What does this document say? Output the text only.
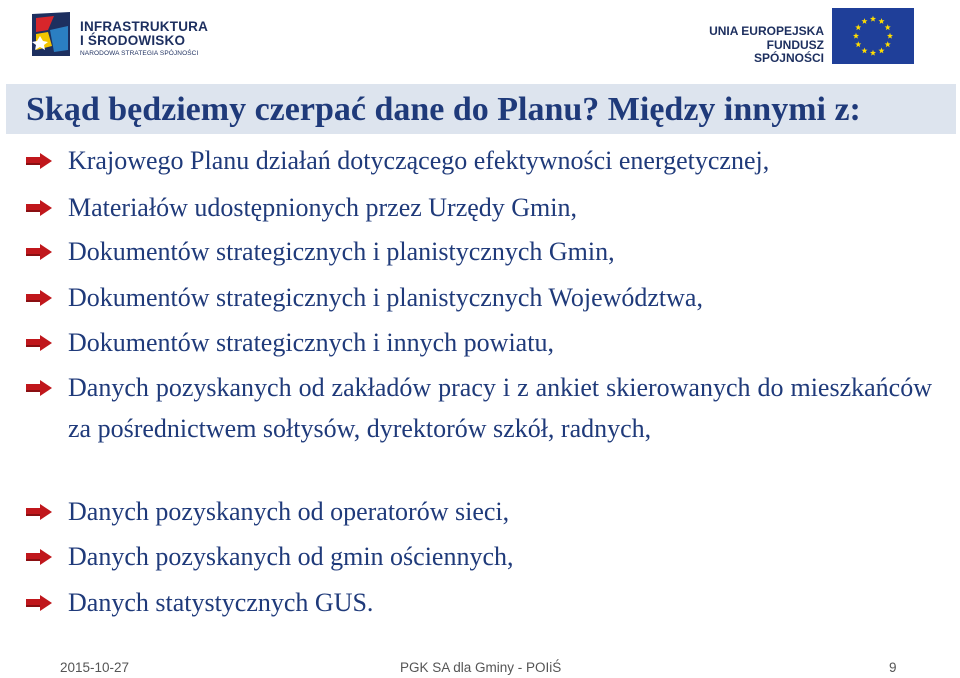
INFRASTRUKTURA
I ŚRODOWISKO
NARODOWA STRATEGIA SPÓJNOŚCI
UNIA EUROPEJSKA
FUNDUSZ SPÓJNOŚCI
Skąd będziemy czerpać dane do Planu? Między innymi z:
Krajowego Planu działań dotyczącego efektywności energetycznej,
Materiałów udostępnionych przez Urzędy Gmin,
Dokumentów strategicznych i planistycznych Gmin,
Dokumentów strategicznych i planistycznych Województwa,
Dokumentów strategicznych i innych powiatu,
Danych pozyskanych od zakładów pracy i z ankiet skierowanych do mieszkańców za pośrednictwem sołtysów, dyrektorów szkół, radnych,
Danych pozyskanych od operatorów sieci,
Danych pozyskanych od gmin ościennych,
Danych statystycznych GUS.
2015-10-27	PGK SA dla Gminy - POIiŚ	9
